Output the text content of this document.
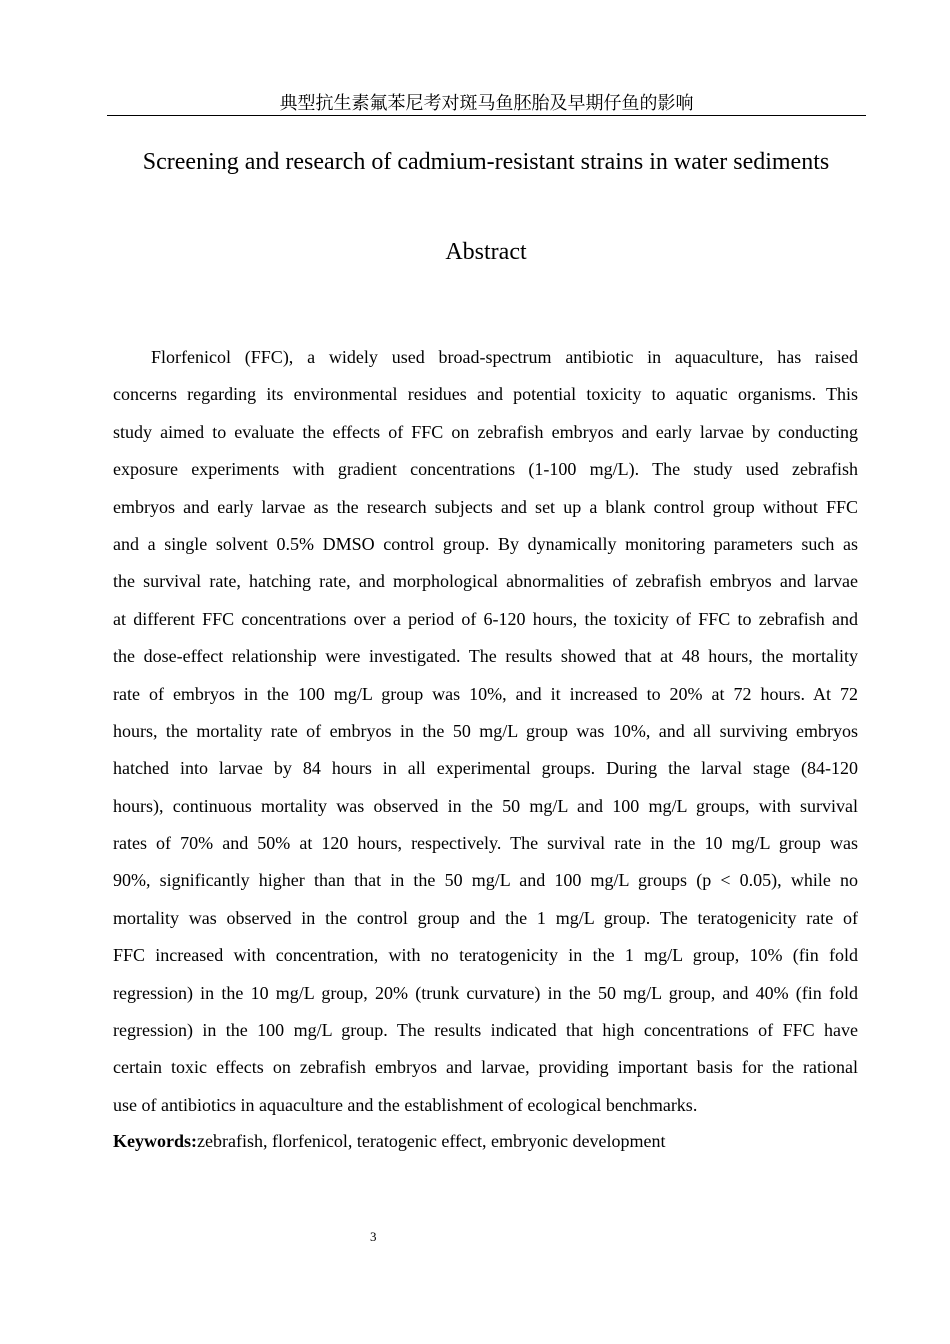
典型抗生素氟苯尼考对斑马鱼胚胎及早期仔鱼的影响
Screening and research of cadmium-resistant strains in water sediments
Abstract
Florfenicol (FFC), a widely used broad-spectrum antibiotic in aquaculture, has raised
concerns regarding its environmental residues and potential toxicity to aquatic organisms. This
study aimed to evaluate the effects of FFC on zebrafish embryos and early larvae by conducting
exposure experiments with gradient concentrations (1-100 mg/L). The study used zebrafish
embryos and early larvae as the research subjects and set up a blank control group without FFC
and a single solvent 0.5% DMSO control group. By dynamically monitoring parameters such as
the survival rate, hatching rate, and morphological abnormalities of zebrafish embryos and larvae
at different FFC concentrations over a period of 6-120 hours, the toxicity of FFC to zebrafish and
the dose-effect relationship were investigated. The results showed that at 48 hours, the mortality
rate of embryos in the 100 mg/L group was 10%, and it increased to 20% at 72 hours. At 72
hours, the mortality rate of embryos in the 50 mg/L group was 10%, and all surviving embryos
hatched into larvae by 84 hours in all experimental groups. During the larval stage (84-120
hours), continuous mortality was observed in the 50 mg/L and 100 mg/L groups, with survival
rates of 70% and 50% at 120 hours, respectively. The survival rate in the 10 mg/L group was
90%, significantly higher than that in the 50 mg/L and 100 mg/L groups (p < 0.05), while no
mortality was observed in the control group and the 1 mg/L group. The teratogenicity rate of
FFC increased with concentration, with no teratogenicity in the 1 mg/L group, 10% (fin fold
regression) in the 10 mg/L group, 20% (trunk curvature) in the 50 mg/L group, and 40% (fin fold
regression) in the 100 mg/L group. The results indicated that high concentrations of FFC have
certain toxic effects on zebrafish embryos and larvae, providing important basis for the rational
use of antibiotics in aquaculture and the establishment of ecological benchmarks.
Keywords:zebrafish, florfenicol, teratogenic effect, embryonic development
3
